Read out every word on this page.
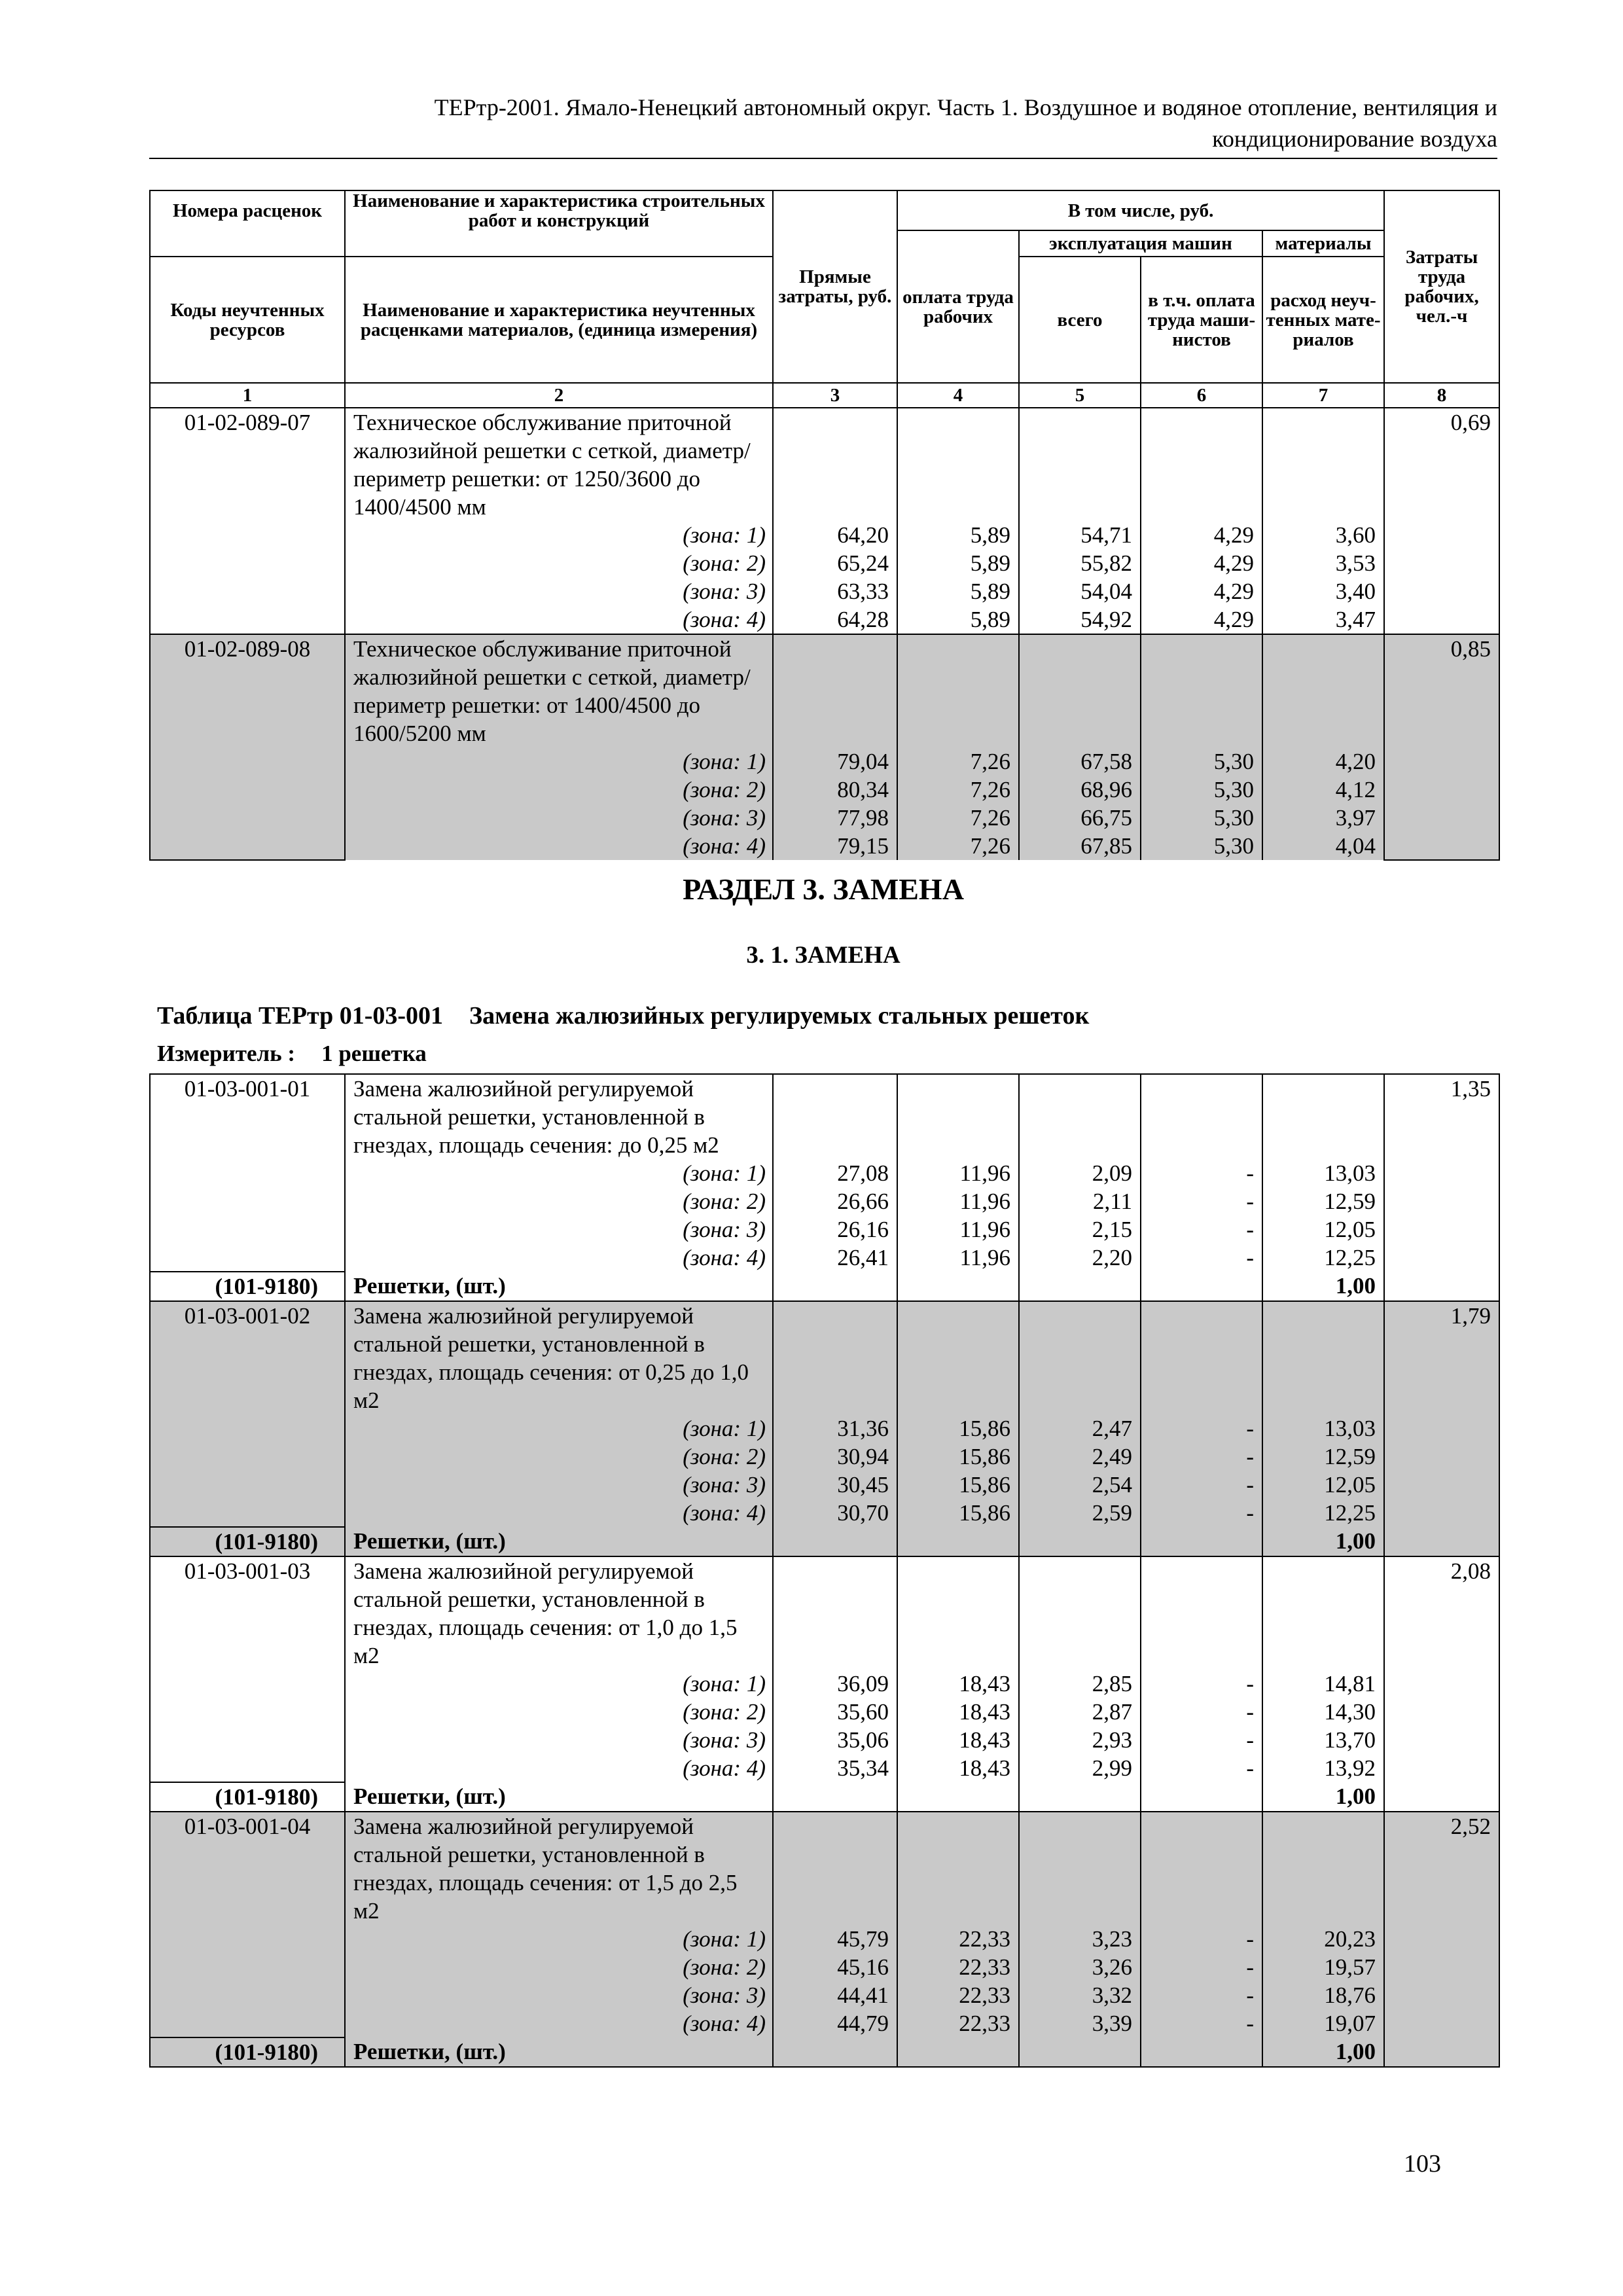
ТЕРтр-2001. Ямало-Ненецкий автономный округ. Часть 1. Воздушное и водяное отопление, вентиляция и
кондиционирование воздуха
Номера расценок	Наименование и характеристика строительных работ и конструкций	Прямые затраты, руб.	В том числе, руб.				Затраты труда рабочих, чел.-ч
			оплата труда рабочих	эксплуатация машин		материалы	
Коды неучтенных ресурсов	Наименование и характеристика неучтенных расценками материалов, (единица измерения)			всего	в т.ч. оплата труда маши-нистов	расход неуч-тенных мате-риалов	
1	2	3	4	5	6	7	8
01-02-089-07	Техническое обслуживание приточной жалюзийной решетки с сеткой, диаметр/периметр решетки: от 1250/3600 до 1400/4500 мм						0,69
	(зона: 1)	64,20	5,89	54,71	4,29	3,60	
	(зона: 2)	65,24	5,89	55,82	4,29	3,53	
	(зона: 3)	63,33	5,89	54,04	4,29	3,40	
	(зона: 4)	64,28	5,89	54,92	4,29	3,47	
01-02-089-08	Техническое обслуживание приточной жалюзийной решетки с сеткой, диаметр/периметр решетки: от 1400/4500 до 1600/5200 мм						0,85
	(зона: 1)	79,04	7,26	67,58	5,30	4,20	
	(зона: 2)	80,34	7,26	68,96	5,30	4,12	
	(зона: 3)	77,98	7,26	66,75	5,30	3,97	
	(зона: 4)	79,15	7,26	67,85	5,30	4,04	
РАЗДЕЛ 3. ЗАМЕНА
3. 1. ЗАМЕНА
Таблица ТЕРтр 01-03-001 Замена жалюзийных регулируемых стальных решеток
Измеритель : 1 решетка
01-03-001-01	Замена жалюзийной регулируемой стальной решетки, установленной в гнездах, площадь сечения: до 0,25 м2						1,35
	(зона: 1)	27,08	11,96	2,09	-	13,03	
	(зона: 2)	26,66	11,96	2,11	-	12,59	
	(зона: 3)	26,16	11,96	2,15	-	12,05	
	(зона: 4)	26,41	11,96	2,20	-	12,25	
(101-9180)	Решетки, (шт.)					1,00	
01-03-001-02	Замена жалюзийной регулируемой стальной решетки, установленной в гнездах, площадь сечения: от 0,25 до 1,0 м2						1,79
	(зона: 1)	31,36	15,86	2,47	-	13,03	
	(зона: 2)	30,94	15,86	2,49	-	12,59	
	(зона: 3)	30,45	15,86	2,54	-	12,05	
	(зона: 4)	30,70	15,86	2,59	-	12,25	
(101-9180)	Решетки, (шт.)					1,00	
01-03-001-03	Замена жалюзийной регулируемой стальной решетки, установленной в гнездах, площадь сечения: от 1,0 до 1,5 м2						2,08
	(зона: 1)	36,09	18,43	2,85	-	14,81	
	(зона: 2)	35,60	18,43	2,87	-	14,30	
	(зона: 3)	35,06	18,43	2,93	-	13,70	
	(зона: 4)	35,34	18,43	2,99	-	13,92	
(101-9180)	Решетки, (шт.)					1,00	
01-03-001-04	Замена жалюзийной регулируемой стальной решетки, установленной в гнездах, площадь сечения: от 1,5 до 2,5 м2						2,52
	(зона: 1)	45,79	22,33	3,23	-	20,23	
	(зона: 2)	45,16	22,33	3,26	-	19,57	
	(зона: 3)	44,41	22,33	3,32	-	18,76	
	(зона: 4)	44,79	22,33	3,39	-	19,07	
(101-9180)	Решетки, (шт.)					1,00	
103
